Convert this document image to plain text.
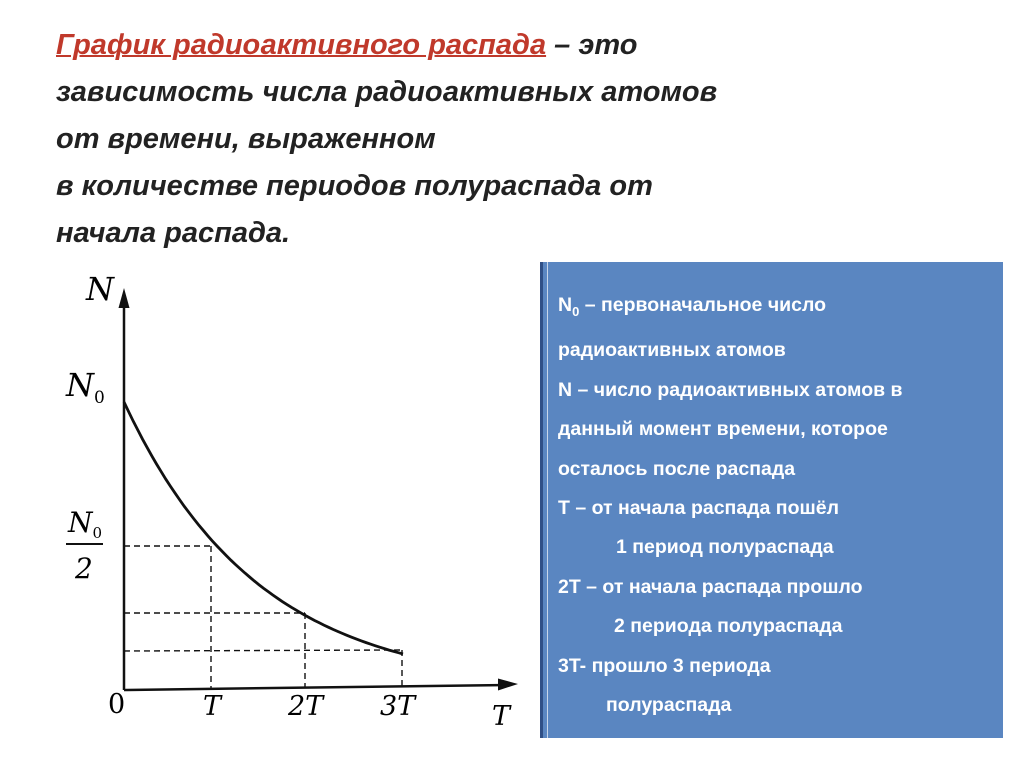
График радиоактивного распада – это
зависимость числа радиоактивных атомов
от времени, выраженном
в количестве периодов полураспада от
начала распада.
N
$N_0$
$N_0$
2
0	T 2T 3T	T
$N_0$ – первоначальное число
радиоактивных атомов
N – число радиоактивных атомов в
данный момент времени, которое
осталось после распада
T – от начала распада пошёл
1 период полураспада
2T – от начала распада прошло
2 периода полураспада
3T- прошло 3 периода
полураспада
